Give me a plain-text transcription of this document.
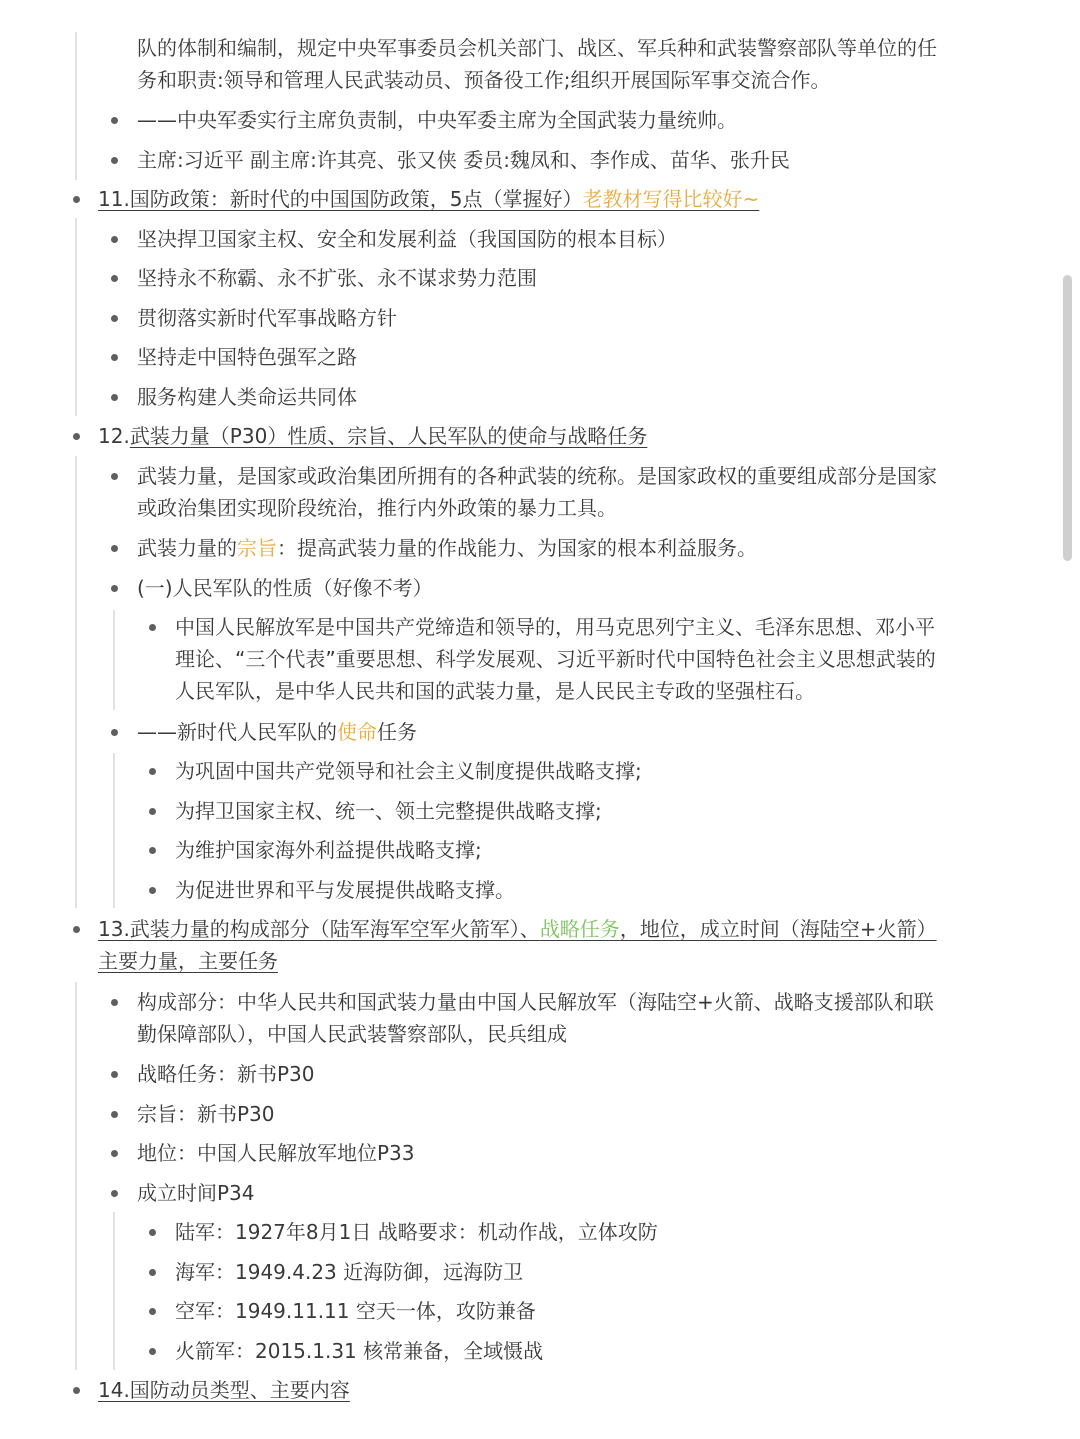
队的体制和编制，规定中央军事委员会机关部门、战区、军兵种和武装警察部队等单位的任
务和职责:领导和管理人民武装动员、预备役工作;组织开展国际军事交流合作。
——中央军委实行主席负责制，中央军委主席为全国武装力量统帅。
主席:习近平 副主席:许其亮、张又侠 委员:魏凤和、李作成、苗华、张升民
11.国防政策：新时代的中国国防政策，5点（掌握好）老教材写得比较好~
坚决捍卫国家主权、安全和发展利益（我国国防的根本目标）
坚持永不称霸、永不扩张、永不谋求势力范围
贯彻落实新时代军事战略方针
坚持走中国特色强军之路
服务构建人类命运共同体
12.武装力量（P30）性质、宗旨、人民军队的使命与战略任务
武装力量，是国家或政治集团所拥有的各种武装的统称。是国家政权的重要组成部分是国家
或政治集团实现阶段统治，推行内外政策的暴力工具。
武装力量的宗旨：提高武装力量的作战能力、为国家的根本利益服务。
(一)人民军队的性质（好像不考）
中国人民解放军是中国共产党缔造和领导的，用马克思列宁主义、毛泽东思想、邓小平
理论、“三个代表”重要思想、科学发展观、习近平新时代中国特色社会主义思想武装的
人民军队，是中华人民共和国的武装力量，是人民民主专政的坚强柱石。
——新时代人民军队的使命任务
为巩固中国共产党领导和社会主义制度提供战略支撑;
为捍卫国家主权、统一、领土完整提供战略支撑;
为维护国家海外利益提供战略支撑;
为促进世界和平与发展提供战略支撑。
13.武装力量的构成部分（陆军海军空军火箭军）、战略任务，地位，成立时间（海陆空+火箭）
主要力量，主要任务
构成部分：中华人民共和国武装力量由中国人民解放军（海陆空+火箭、战略支援部队和联
勤保障部队），中国人民武装警察部队，民兵组成
战略任务：新书P30
宗旨：新书P30
地位：中国人民解放军地位P33
成立时间P34
陆军：1927年8月1日 战略要求：机动作战，立体攻防
海军：1949.4.23 近海防御，远海防卫
空军：1949.11.11 空天一体，攻防兼备
火箭军：2015.1.31 核常兼备，全域慑战
14.国防动员类型、主要内容
